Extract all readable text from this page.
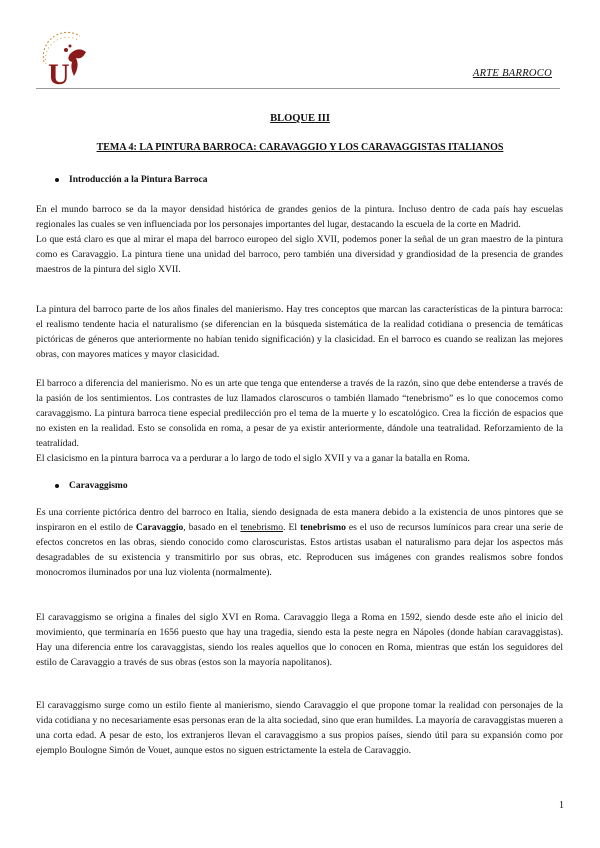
U	ARTE BARROCO
BLOQUE III
TEMA 4: LA PINTURA BARROCA: CARAVAGGIO Y LOS CARAVAGGISTAS ITALIANOS
Introducción a la Pintura Barroca
En el mundo barroco se da la mayor densidad histórica de grandes genios de la pintura. Incluso dentro de cada país hay escuelas regionales las cuales se ven influenciada por los personajes importantes del lugar, destacando la escuela de la corte en Madrid.
Lo que está claro es que al mirar el mapa del barroco europeo del siglo XVII, podemos poner la señal de un gran maestro de la pintura como es Caravaggio. La pintura tiene una unidad del barroco, pero también una diversidad y grandiosidad de la presencia de grandes maestros de la pintura del siglo XVII.
La pintura del barroco parte de los años finales del manierismo. Hay tres conceptos que marcan las características de la pintura barroca: el realismo tendente hacia el naturalismo (se diferencian en la búsqueda sistemática de la realidad cotidiana o presencia de temáticas pictóricas de géneros que anteriormente no habían tenido significación) y la clasicidad. En el barroco es cuando se realizan las mejores obras, con mayores matices y mayor clasicidad.
El barroco a diferencia del manierismo. No es un arte que tenga que entenderse a través de la razón, sino que debe entenderse a través de la pasión de los sentimientos. Los contrastes de luz llamados claroscuros o también llamado “tenebrismo” es lo que conocemos como caravaggismo. La pintura barroca tiene especial predilección pro el tema de la muerte y lo escatológico. Crea la ficción de espacios que no existen en la realidad. Esto se consolida en roma, a pesar de ya existir anteriormente, dándole una teatralidad. Reforzamiento de la teatralidad.
El clasicismo en la pintura barroca va a perdurar a lo largo de todo el siglo XVII y va a ganar la batalla en Roma.
Caravaggismo
Es una corriente pictórica dentro del barroco en Italia, siendo designada de esta manera debido a la existencia de unos pintores que se inspiraron en el estilo de Caravaggio, basado en el tenebrismo. El tenebrismo es el uso de recursos lumínicos para crear una serie de efectos concretos en las obras, siendo conocido como claroscuristas. Estos artistas usaban el naturalismo para dejar los aspectos más desagradables de su existencia y transmitirlo por sus obras, etc. Reproducen sus imágenes con grandes realismos sobre fondos monocromos iluminados por una luz violenta (normalmente).
El caravaggismo se origina a finales del siglo XVI en Roma. Caravaggio llega a Roma en 1592, siendo desde este año el inicio del movimiento, que terminaría en 1656 puesto que hay una tragedia, siendo esta la peste negra en Nápoles (donde habían caravaggistas). Hay una diferencia entre los caravaggistas, siendo los reales aquellos que lo conocen en Roma, mientras que están los seguidores del estilo de Caravaggio a través de sus obras (estos son la mayoría napolitanos).
El caravaggismo surge como un estilo fiente al manierismo, siendo Caravaggio el que propone tomar la realidad con personajes de la vida cotidiana y no necesariamente esas personas eran de la alta sociedad, sino que eran humildes. La mayoría de caravaggistas mueren a una corta edad. A pesar de esto, los extranjeros llevan el caravaggismo a sus propios países, siendo útil para su expansión como por ejemplo Boulogne Simón de Vouet, aunque estos no siguen estrictamente la estela de Caravaggio.
1
